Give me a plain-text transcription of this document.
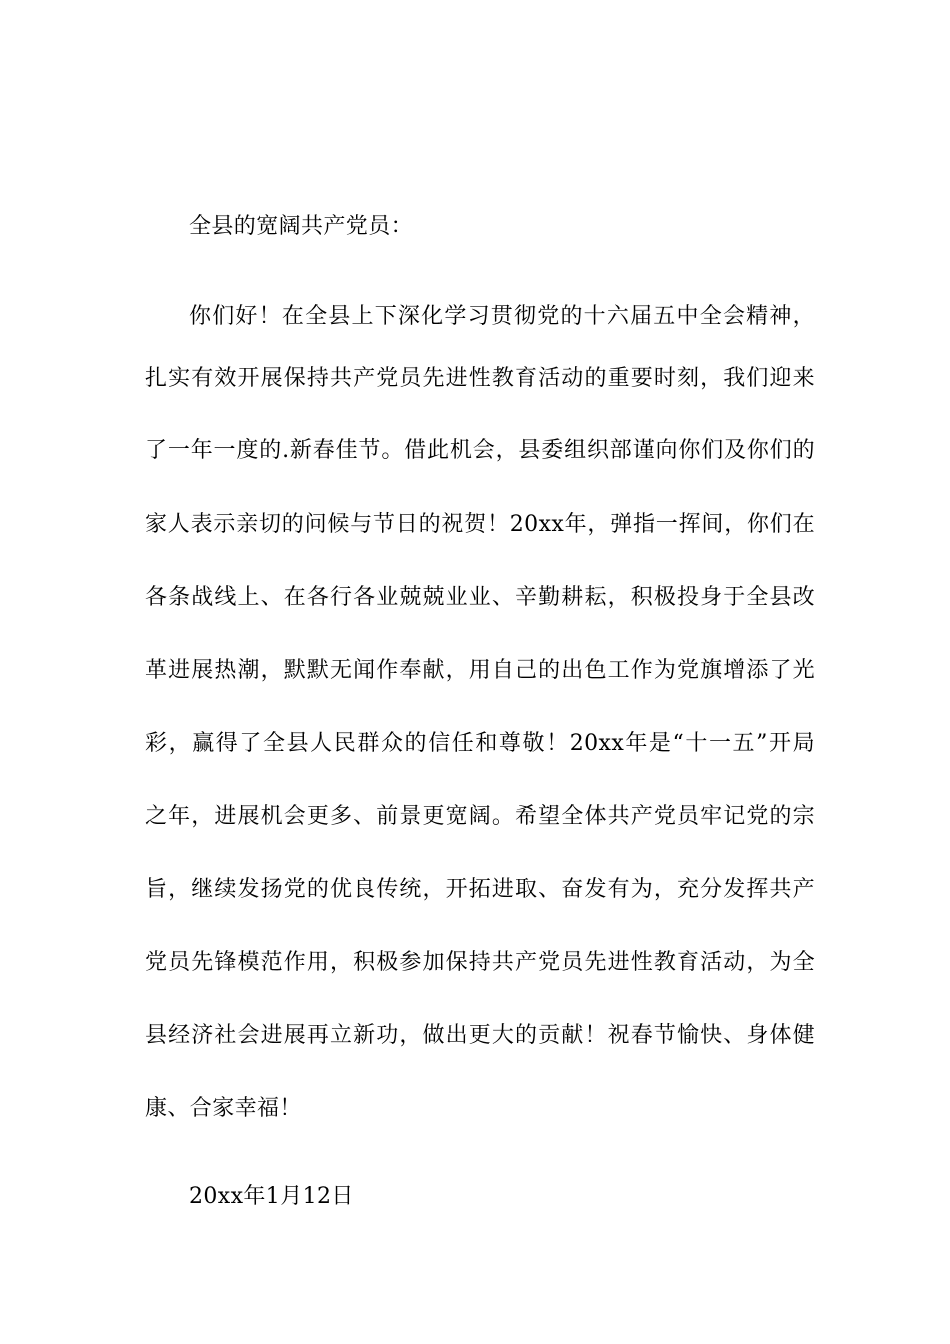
全县的宽阔共产党员：
你们好！在全县上下深化学习贯彻党的十六届五中全会精神，
扎实有效开展保持共产党员先进性教育活动的重要时刻，我们迎来
了一年一度的.新春佳节。借此机会，县委组织部谨向你们及你们的
家人表示亲切的问候与节日的祝贺！20xx年，弹指一挥间，你们在
各条战线上、在各行各业兢兢业业、辛勤耕耘，积极投身于全县改
革进展热潮，默默无闻作奉献，用自己的出色工作为党旗增添了光
彩，赢得了全县人民群众的信任和尊敬！20xx年是“十一五”开局
之年，进展机会更多、前景更宽阔。希望全体共产党员牢记党的宗
旨，继续发扬党的优良传统，开拓进取、奋发有为，充分发挥共产
党员先锋模范作用，积极参加保持共产党员先进性教育活动，为全
县经济社会进展再立新功，做出更大的贡献！祝春节愉快、身体健
康、合家幸福！
20xx年1月12日
